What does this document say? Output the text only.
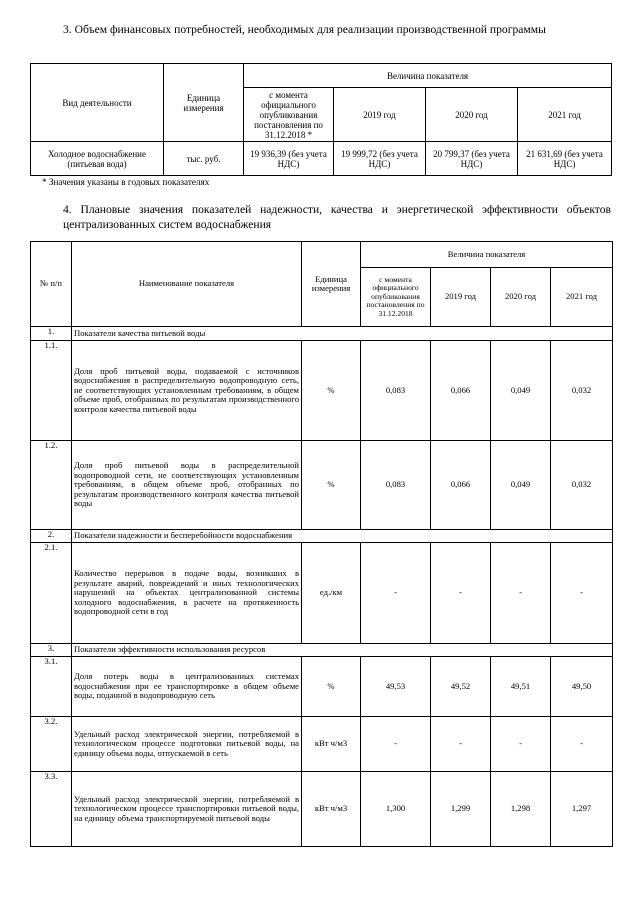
3. Объем финансовых потребностей, необходимых для реализации производственной программы
Вид деятельности	Единица измерения	Величина показателя			
		с момента официального опубликования постановления по 31.12.2018 *	2019 год	2020 год	2021 год
Холодное водоснабжение (питьевая вода)	тыс. руб.	19 936,39 (без учета НДС)	19 999,72 (без учета НДС)	20 799,37 (без учета НДС)	21 631,69 (без учета НДС)
* Значения указаны в годовых показателях
4. Плановые значения показателей надежности, качества и энергетической эффективности объектов централизованных систем водоснабжения
№ п/п	Наименование показателя	Единица измерения	Величина показателя			
			с момента официального опубликования постановления по 31.12.2018	2019 год	2020 год	2021 год
1.	Показатели качества питьевой воды					
1.1.	Доля проб питьевой воды, подаваемой с источников водоснабжения в распределительную водопроводную сеть, не соответствующих установленным требованиям, в общем объеме проб, отобранных по результатам производственного контроля качества питьевой воды	%	0,083	0,066	0,049	0,032
1.2.	Доля проб питьевой воды в распределительной водопроводной сети, не соответствующих установленным требованиям, в общем объеме проб, отобранных по результатам производственного контроля качества питьевой воды	%	0,083	0,066	0,049	0,032
2.	Показатели надежности и бесперебойности водоснабжения					
2.1.	Количество перерывов в подаче воды, возникших в результате аварий, повреждений и иных технологических нарушений на объектах централизованной системы холодного водоснабжения, в расчете на протяженность водопроводной сети в год	ед./км	-	-	-	-
3.	Показатели эффективности использования ресурсов					
3.1.	Доля потерь воды в централизованных системах водоснабжения при ее транспортировке в общем объеме воды, поданной в водопроводную сеть	%	49,53	49,52	49,51	49,50
3.2.	Удельный расход электрической энергии, потребляемой в технологическом процессе подготовки питьевой воды, на единицу объема воды, отпускаемой в сеть	кВт ч/м3	-	-	-	-
3.3.	Удельный расход электрической энергии, потребляемой в технологическом процессе транспортировки питьевой воды, на единицу объема транспортируемой питьевой воды	кВт ч/м3	1,300	1,299	1,298	1,297
